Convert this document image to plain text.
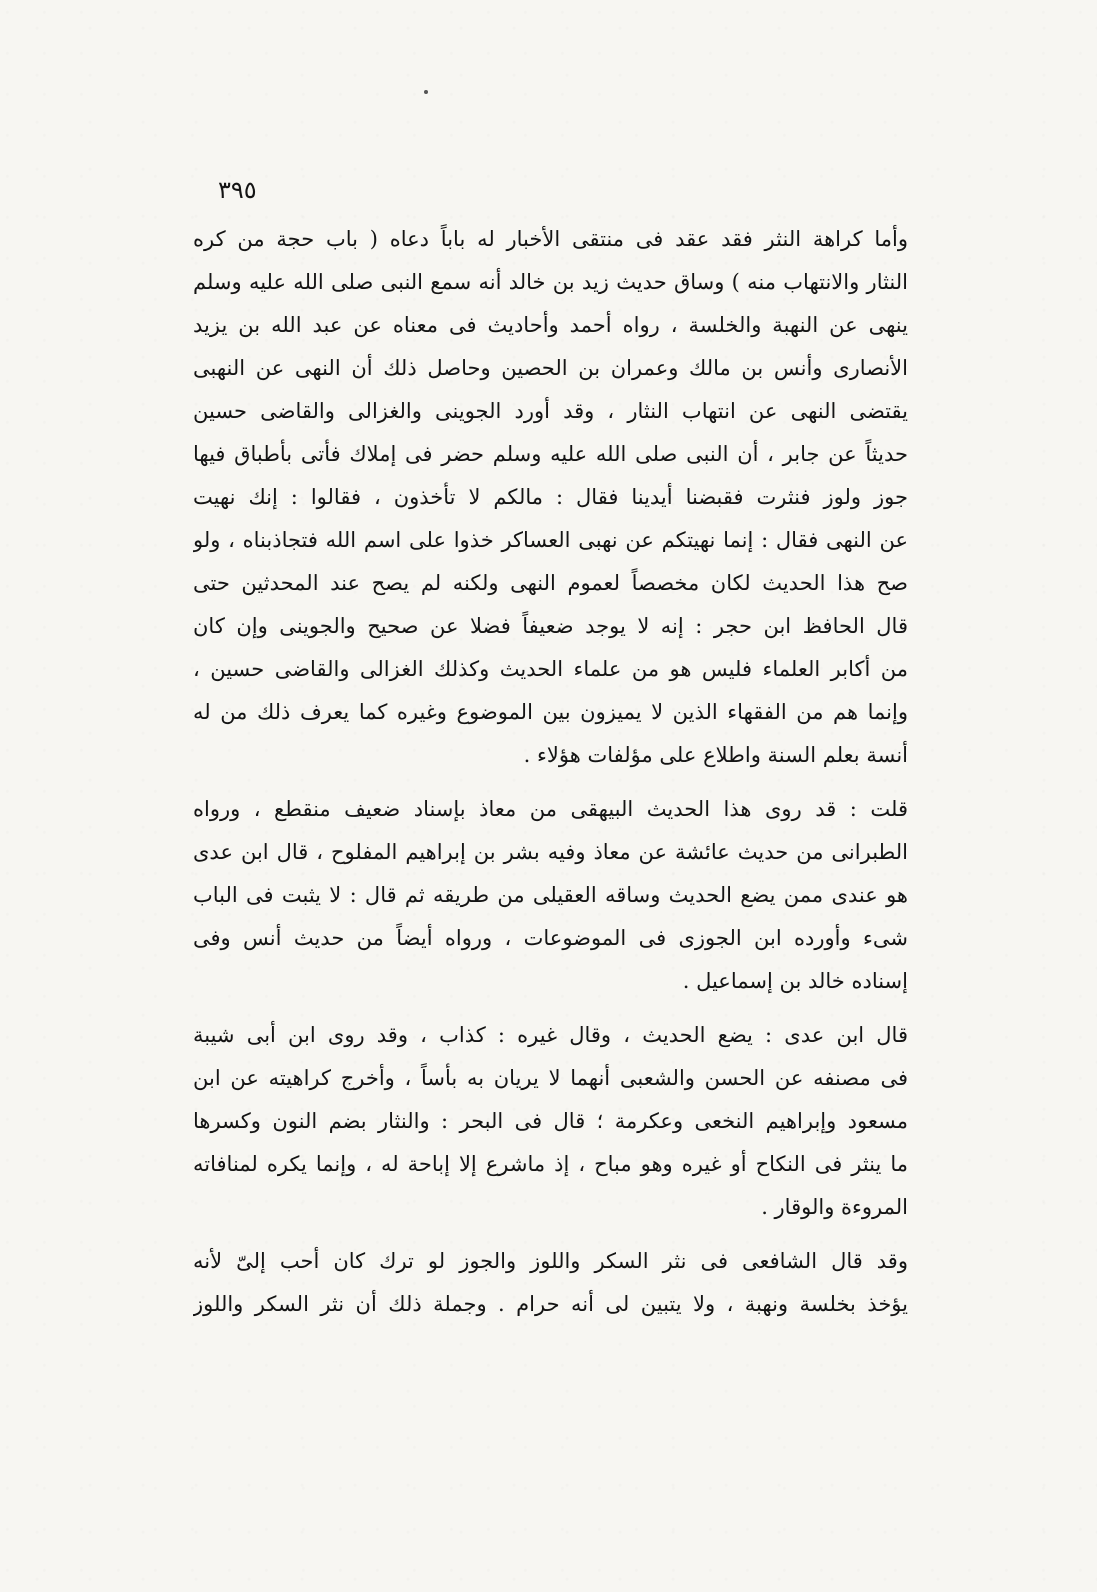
٣٩٥
وأما كراهة النثر فقد عقد فى منتقى الأخبار له باباً دعاه ( باب حجة من كره
النثار والانتهاب منه ) وساق حديث زيد بن خالد أنه سمع النبى صلى الله عليه وسلم
ينهى عن النهبة والخلسة ، رواه أحمد وأحاديث فى معناه عن عبد الله بن يزيد
الأنصارى وأنس بن مالك وعمران بن الحصين وحاصل ذلك أن النهى عن النهبى
يقتضى النهى عن انتهاب النثار ، وقد أورد الجوينى والغزالى والقاضى حسين
حديثاً عن جابر ، أن النبى صلى الله عليه وسلم حضر فى إملاك فأتى بأطباق فيها
جوز ولوز فنثرت فقبضنا أيدينا فقال : مالكم لا تأخذون ، فقالوا : إنك نهيت
عن النهى فقال : إنما نهيتكم عن نهبى العساكر خذوا على اسم الله فتجاذبناه ، ولو
صح هذا الحديث لكان مخصصاً لعموم النهى ولكنه لم يصح عند المحدثين حتى
قال الحافظ ابن حجر : إنه لا يوجد ضعيفاً فضلا عن صحيح والجوينى وإن كان
من أكابر العلماء فليس هو من علماء الحديث وكذلك الغزالى والقاضى حسين ،
وإنما هم من الفقهاء الذين لا يميزون بين الموضوع وغيره كما يعرف ذلك من له
أنسة بعلم السنة واطلاع على مؤلفات هؤلاء .
قلت : قد روى هذا الحديث البيهقى من معاذ بإسناد ضعيف منقطع ، ورواه
الطبرانى من حديث عائشة عن معاذ وفيه بشر بن إبراهيم المفلوح ، قال ابن عدى
هو عندى ممن يضع الحديث وساقه العقيلى من طريقه ثم قال : لا يثبت فى الباب
شىء وأورده ابن الجوزى فى الموضوعات ، ورواه أيضاً من حديث أنس وفى
إسناده خالد بن إسماعيل .
قال ابن عدى : يضع الحديث ، وقال غيره : كذاب ، وقد روى ابن أبى شيبة
فى مصنفه عن الحسن والشعبى أنهما لا يريان به بأساً ، وأخرج كراهيته عن ابن
مسعود وإبراهيم النخعى وعكرمة ؛ قال فى البحر : والنثار بضم النون وكسرها
ما ينثر فى النكاح أو غيره وهو مباح ، إذ ماشرع إلا إباحة له ، وإنما يكره لمنافاته
المروءة والوقار .
وقد قال الشافعى فى نثر السكر واللوز والجوز لو ترك كان أحب إلىّ لأنه
يؤخذ بخلسة ونهبة ، ولا يتبين لى أنه حرام . وجملة ذلك أن نثر السكر واللوز
